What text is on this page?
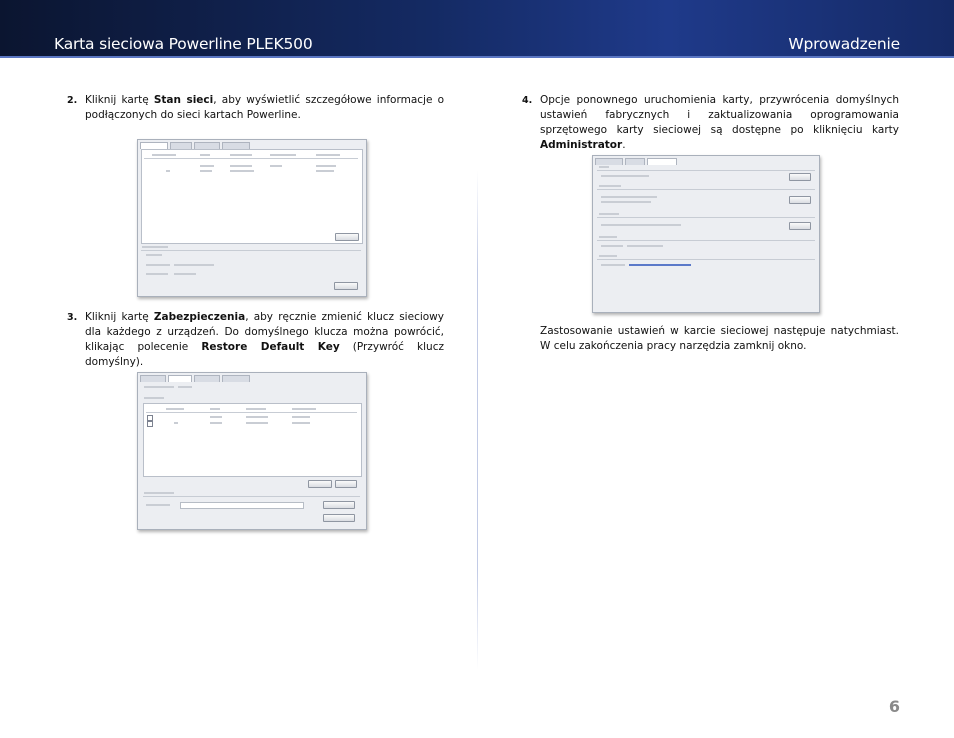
Karta sieciowa Powerline PLEK500	Wprowadzenie
2. Kliknij kartę Stan sieci, aby wyświetlić szczegółowe informacje o podłączonych do sieci kartach Powerline.
3. Kliknij kartę Zabezpieczenia, aby ręcznie zmienić klucz sieciowy dla każdego z urządzeń. Do domyślnego klucza można powrócić, klikając polecenie Restore Default Key (Przywróć klucz domyślny).
4. Opcje ponownego uruchomienia karty, przywrócenia domyślnych ustawień fabrycznych i zaktualizowania oprogramowania sprzętowego karty sieciowej są dostępne po kliknięciu karty Administrator.
Zastosowanie ustawień w karcie sieciowej następuje natychmiast. W celu zakończenia pracy narzędzia zamknij okno.
6
